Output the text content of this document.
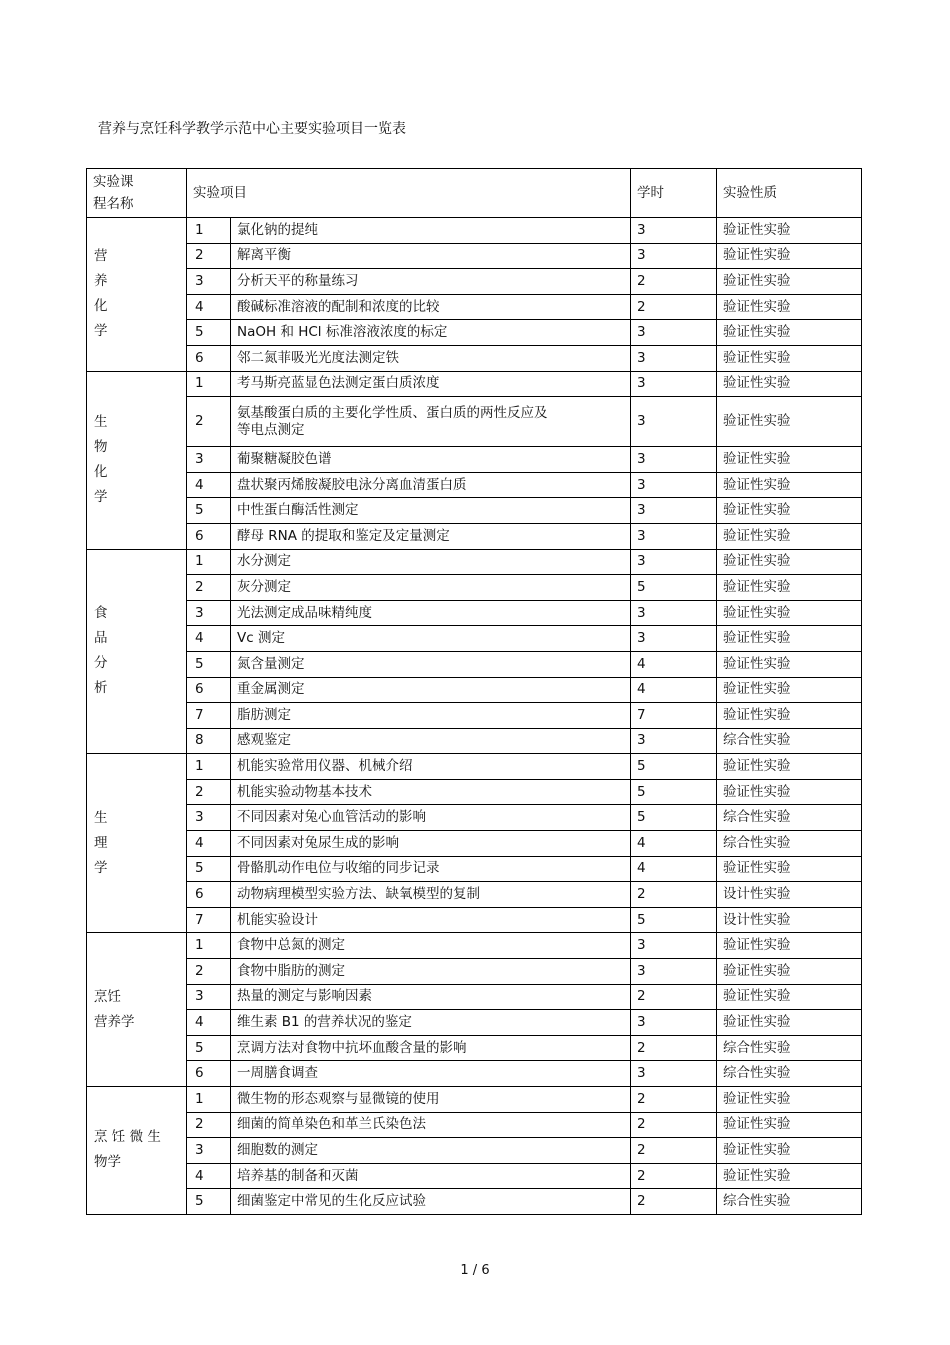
营养与烹饪科学教学示范中心主要实验项目一览表
实验课
程名称	实验项目		学时	实验性质
营
养
化
学	1	氯化钠的提纯	3	验证性实验
	2	解离平衡	3	验证性实验
	3	分析天平的称量练习	2	验证性实验
	4	酸碱标准溶液的配制和浓度的比较	2	验证性实验
	5	NaOH 和 HCl 标准溶液浓度的标定	3	验证性实验
	6	邻二氮菲吸光光度法测定铁	3	验证性实验
生
物
化
学	1	考马斯亮蓝显色法测定蛋白质浓度	3	验证性实验
	2	氨基酸蛋白质的主要化学性质、蛋白质的两性反应及
等电点测定	3	验证性实验
	3	葡聚糖凝胶色谱	3	验证性实验
	4	盘状聚丙烯胺凝胶电泳分离血清蛋白质	3	验证性实验
	5	中性蛋白酶活性测定	3	验证性实验
	6	酵母 RNA 的提取和鉴定及定量测定	3	验证性实验
食
品
分
析	1	水分测定	3	验证性实验
	2	灰分测定	5	验证性实验
	3	光法测定成品味精纯度	3	验证性实验
	4	Vc 测定	3	验证性实验
	5	氮含量测定	4	验证性实验
	6	重金属测定	4	验证性实验
	7	脂肪测定	7	验证性实验
	8	感观鉴定	3	综合性实验
生
理
学	1	机能实验常用仪器、机械介绍	5	验证性实验
	2	机能实验动物基本技术	5	验证性实验
	3	不同因素对兔心血管活动的影响	5	综合性实验
	4	不同因素对兔尿生成的影响	4	综合性实验
	5	骨骼肌动作电位与收缩的同步记录	4	验证性实验
	6	动物病理模型实验方法、缺氧模型的复制	2	设计性实验
	7	机能实验设计	5	设计性实验
烹饪
营养学	1	食物中总氮的测定	3	验证性实验
	2	食物中脂肪的测定	3	验证性实验
	3	热量的测定与影响因素	2	验证性实验
	4	维生素 B1 的营养状况的鉴定	3	验证性实验
	5	烹调方法对食物中抗坏血酸含量的影响	2	综合性实验
	6	一周膳食调查	3	综合性实验
烹 饪 微 生
物学	1	微生物的形态观察与显微镜的使用	2	验证性实验
	2	细菌的简单染色和革兰氏染色法	2	验证性实验
	3	细胞数的测定	2	验证性实验
	4	培养基的制备和灭菌	2	验证性实验
	5	细菌鉴定中常见的生化反应试验	2	综合性实验
1 / 6
